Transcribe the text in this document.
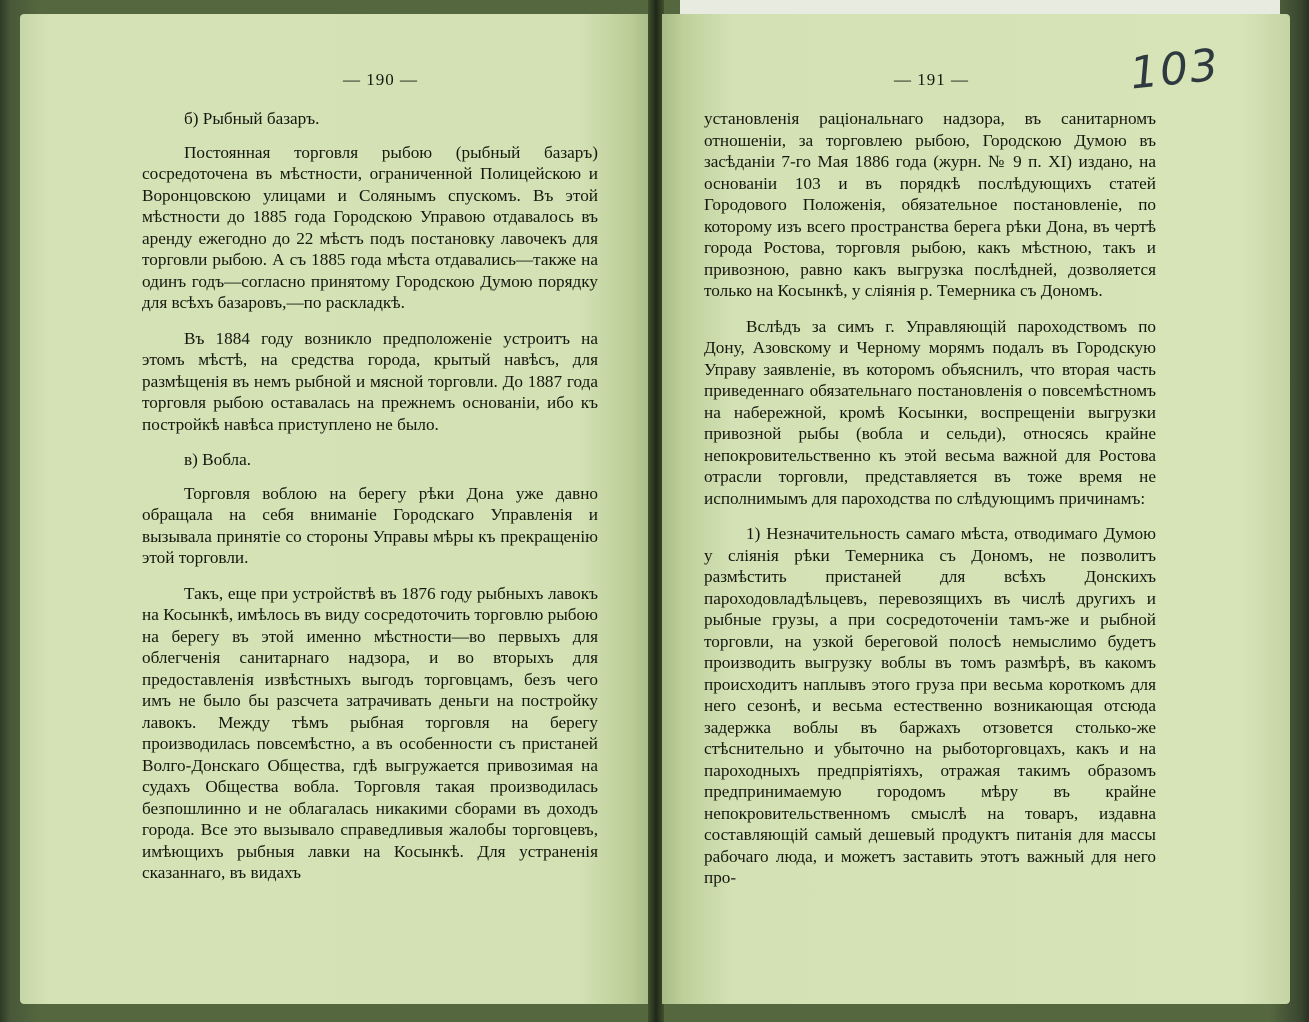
— 190 —

б) Рыбный базаръ.

Постоянная торговля рыбою (рыбный базаръ) сосредоточена въ мѣстности, ограниченной Полицейскою и Воронцовскою улицами и Солянымъ спускомъ. Въ этой мѣстности до 1885 года Городскою Управою отдавалось въ аренду ежегодно до 22 мѣстъ подъ постановку лавочекъ для торговли рыбою. А съ 1885 года мѣста отдавались—также на одинъ годъ—согласно принятому Городскою Думою порядку для всѣхъ базаровъ,—по раскладкѣ.

Въ 1884 году возникло предположеніе устроитъ на этомъ мѣстѣ, на средства города, крытый навѣсъ, для размѣщенія въ немъ рыбной и мясной торговли. До 1887 года торговля рыбою оставалась на прежнемъ основаніи, ибо къ постройкѣ навѣса приступлено не было.

в) Вобла.

Торговля воблою на берегу рѣки Дона уже давно обращала на себя вниманіе Городскаго Управленія и вызывала принятіе со стороны Управы мѣры къ прекращенію этой торговли.

Такъ, еще при устройствѣ въ 1876 году рыбныхъ лавокъ на Косынкѣ, имѣлось въ виду сосредоточить торговлю рыбою на берегу въ этой именно мѣстности—во первыхъ для облегченія санитарнаго надзора, и во вторыхъ для предоставленія извѣстныхъ выгодъ торговцамъ, безъ чего имъ не было бы разсчета затрачивать деньги на постройку лавокъ. Между тѣмъ рыбная торговля на берегу производилась повсемѣстно, а въ особенности съ пристаней Волго-Донскаго Общества, гдѣ выгружается привозимая на судахъ Общества вобла. Торговля такая производилась безпошлинно и не облагалась никакими сборами въ доходъ города. Все это вызывало справедливыя жалобы торговцевъ, имѣющихъ рыбныя лавки на Косынкѣ. Для устраненія сказаннаго, въ видахъ

— 191 —	103

установленія раціональнаго надзора, въ санитарномъ отношеніи, за торговлею рыбою, Городскою Думою въ засѣданіи 7-го Мая 1886 года (журн. № 9 п. XI) издано, на основаніи 103 и въ порядкѣ послѣдующихъ статей Городового Положенія, обязательное постановленіе, по которому изъ всего пространства берега рѣки Дона, въ чертѣ города Ростова, торговля рыбою, какъ мѣстною, такъ и привозною, равно какъ выгрузка послѣдней, дозволяется только на Косынкѣ, у сліянія р. Темерника съ Дономъ.

Вслѣдъ за симъ г. Управляющій пароходствомъ по Дону, Азовскому и Черному морямъ подалъ въ Городскую Управу заявленіе, въ которомъ объяснилъ, что вторая часть приведеннаго обязательнаго постановленія о повсемѣстномъ на набережной, кромѣ Косынки, воспрещеніи выгрузки привозной рыбы (вобла и сельди), относясь крайне непокровительственно къ этой весьма важной для Ростова отрасли торговли, представляется въ тоже время не исполнимымъ для пароходства по слѣдующимъ причинамъ:

1) Незначительность самаго мѣста, отводимаго Думою у сліянія рѣки Темерника съ Дономъ, не позволитъ размѣстить пристаней для всѣхъ Донскихъ пароходовладѣльцевъ, перевозящихъ въ числѣ другихъ и рыбные грузы, а при сосредоточеніи тамъ-же и рыбной торговли, на узкой береговой полосѣ немыслимо будетъ производить выгрузку воблы въ томъ размѣрѣ, въ какомъ происходитъ наплывъ этого груза при весьма короткомъ для него сезонѣ, и весьма естественно возникающая отсюда задержка воблы въ баржахъ отзовется столько-же стѣснительно и убыточно на рыботорговцахъ, какъ и на пароходныхъ предпріятіяхъ, отражая такимъ образомъ предпринимаемую городомъ мѣру въ крайне непокровительственномъ смыслѣ на товаръ, издавна составляющій самый дешевый продуктъ питанія для массы рабочаго люда, и можетъ заставить этотъ важный для него про-
